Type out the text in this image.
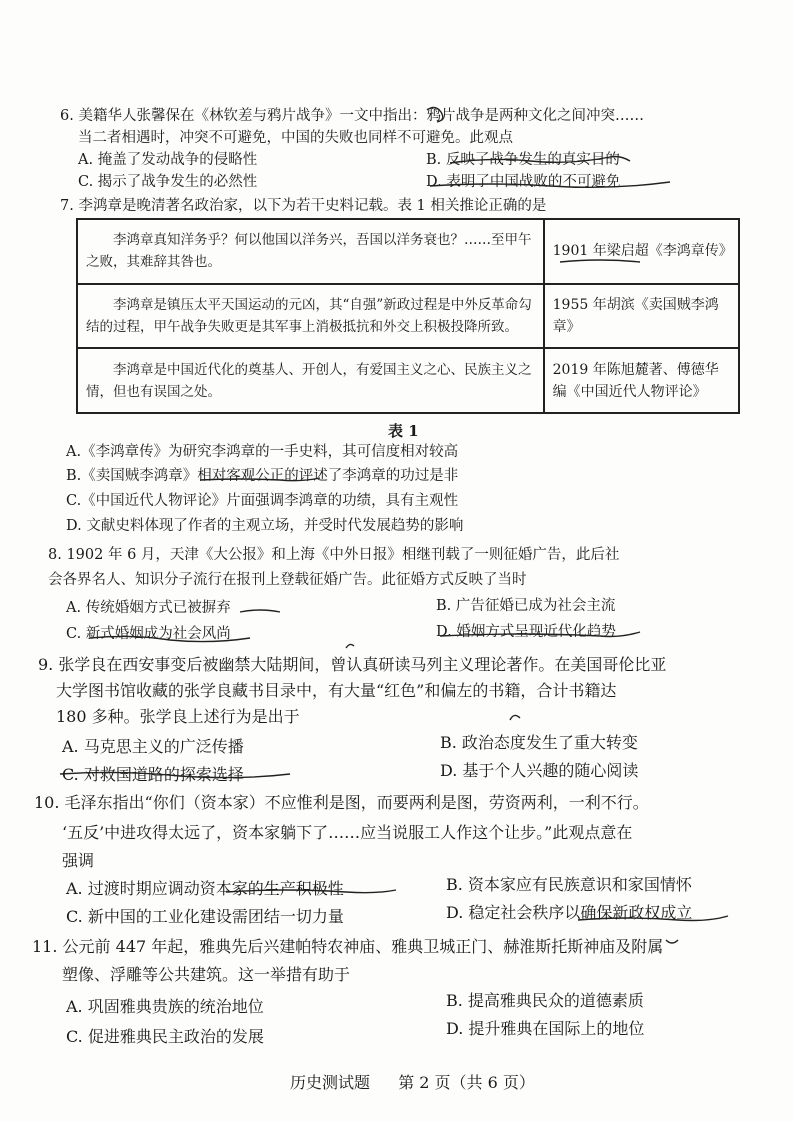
6. 美籍华人张馨保在《林钦差与鸦片战争》一文中指出：鸦片战争是两种文化之间冲突……
当二者相遇时，冲突不可避免，中国的失败也同样不可避免。此观点
A. 掩盖了发动战争的侵略性	B. 反映了战争发生的真实目的
C. 揭示了战争发生的必然性	D. 表明了中国战败的不可避免
7. 李鸿章是晚清著名政治家，以下为若干史料记载。表 1 相关推论正确的是
李鸿章真知洋务乎？何以他国以洋务兴，吾国以洋务衰也？……至甲午之败，其难辞其咎也。	1901 年梁启超《李鸿章传》

李鸿章是镇压太平天国运动的元凶，其“自强”新政过程是中外反革命勾结的过程，甲午战争失败更是其军事上消极抵抗和外交上积极投降所致。	1955 年胡滨《卖国贼李鸿章》

李鸿章是中国近代化的奠基人、开创人，有爱国主义之心、民族主义之情，但也有误国之处。	2019 年陈旭麓著、傅德华编《中国近代人物评论》
表 1
A.《李鸿章传》为研究李鸿章的一手史料，其可信度相对较高
B.《卖国贼李鸿章》相对客观公正的评述了李鸿章的功过是非
C.《中国近代人物评论》片面强调李鸿章的功绩，具有主观性
D. 文献史料体现了作者的主观立场，并受时代发展趋势的影响
8. 1902 年 6 月，天津《大公报》和上海《中外日报》相继刊载了一则征婚广告，此后社
会各界名人、知识分子流行在报刊上登载征婚广告。此征婚方式反映了当时
A. 传统婚姻方式已被摒弃	B. 广告征婚已成为社会主流
C. 新式婚姻成为社会风尚	D. 婚姻方式呈现近代化趋势
9. 张学良在西安事变后被幽禁大陆期间，曾认真研读马列主义理论著作。在美国哥伦比亚
大学图书馆收藏的张学良藏书目录中，有大量“红色”和偏左的书籍，合计书籍达
180 多种。张学良上述行为是出于
A. 马克思主义的广泛传播	B. 政治态度发生了重大转变
C. 对救国道路的探索选择	D. 基于个人兴趣的随心阅读
10. 毛泽东指出“你们（资本家）不应惟利是图，而要两利是图，劳资两利，一利不行。
‘五反’中进攻得太远了，资本家躺下了……应当说服工人作这个让步。”此观点意在
强调
A. 过渡时期应调动资本家的生产积极性	B. 资本家应有民族意识和家国情怀
C. 新中国的工业化建设需团结一切力量	D. 稳定社会秩序以确保新政权成立
11. 公元前 447 年起，雅典先后兴建帕特农神庙、雅典卫城正门、赫淮斯托斯神庙及附属
塑像、浮雕等公共建筑。这一举措有助于
A. 巩固雅典贵族的统治地位	B. 提高雅典民众的道德素质
C. 促进雅典民主政治的发展	D. 提升雅典在国际上的地位
历史测试题 第 2 页（共 6 页）
